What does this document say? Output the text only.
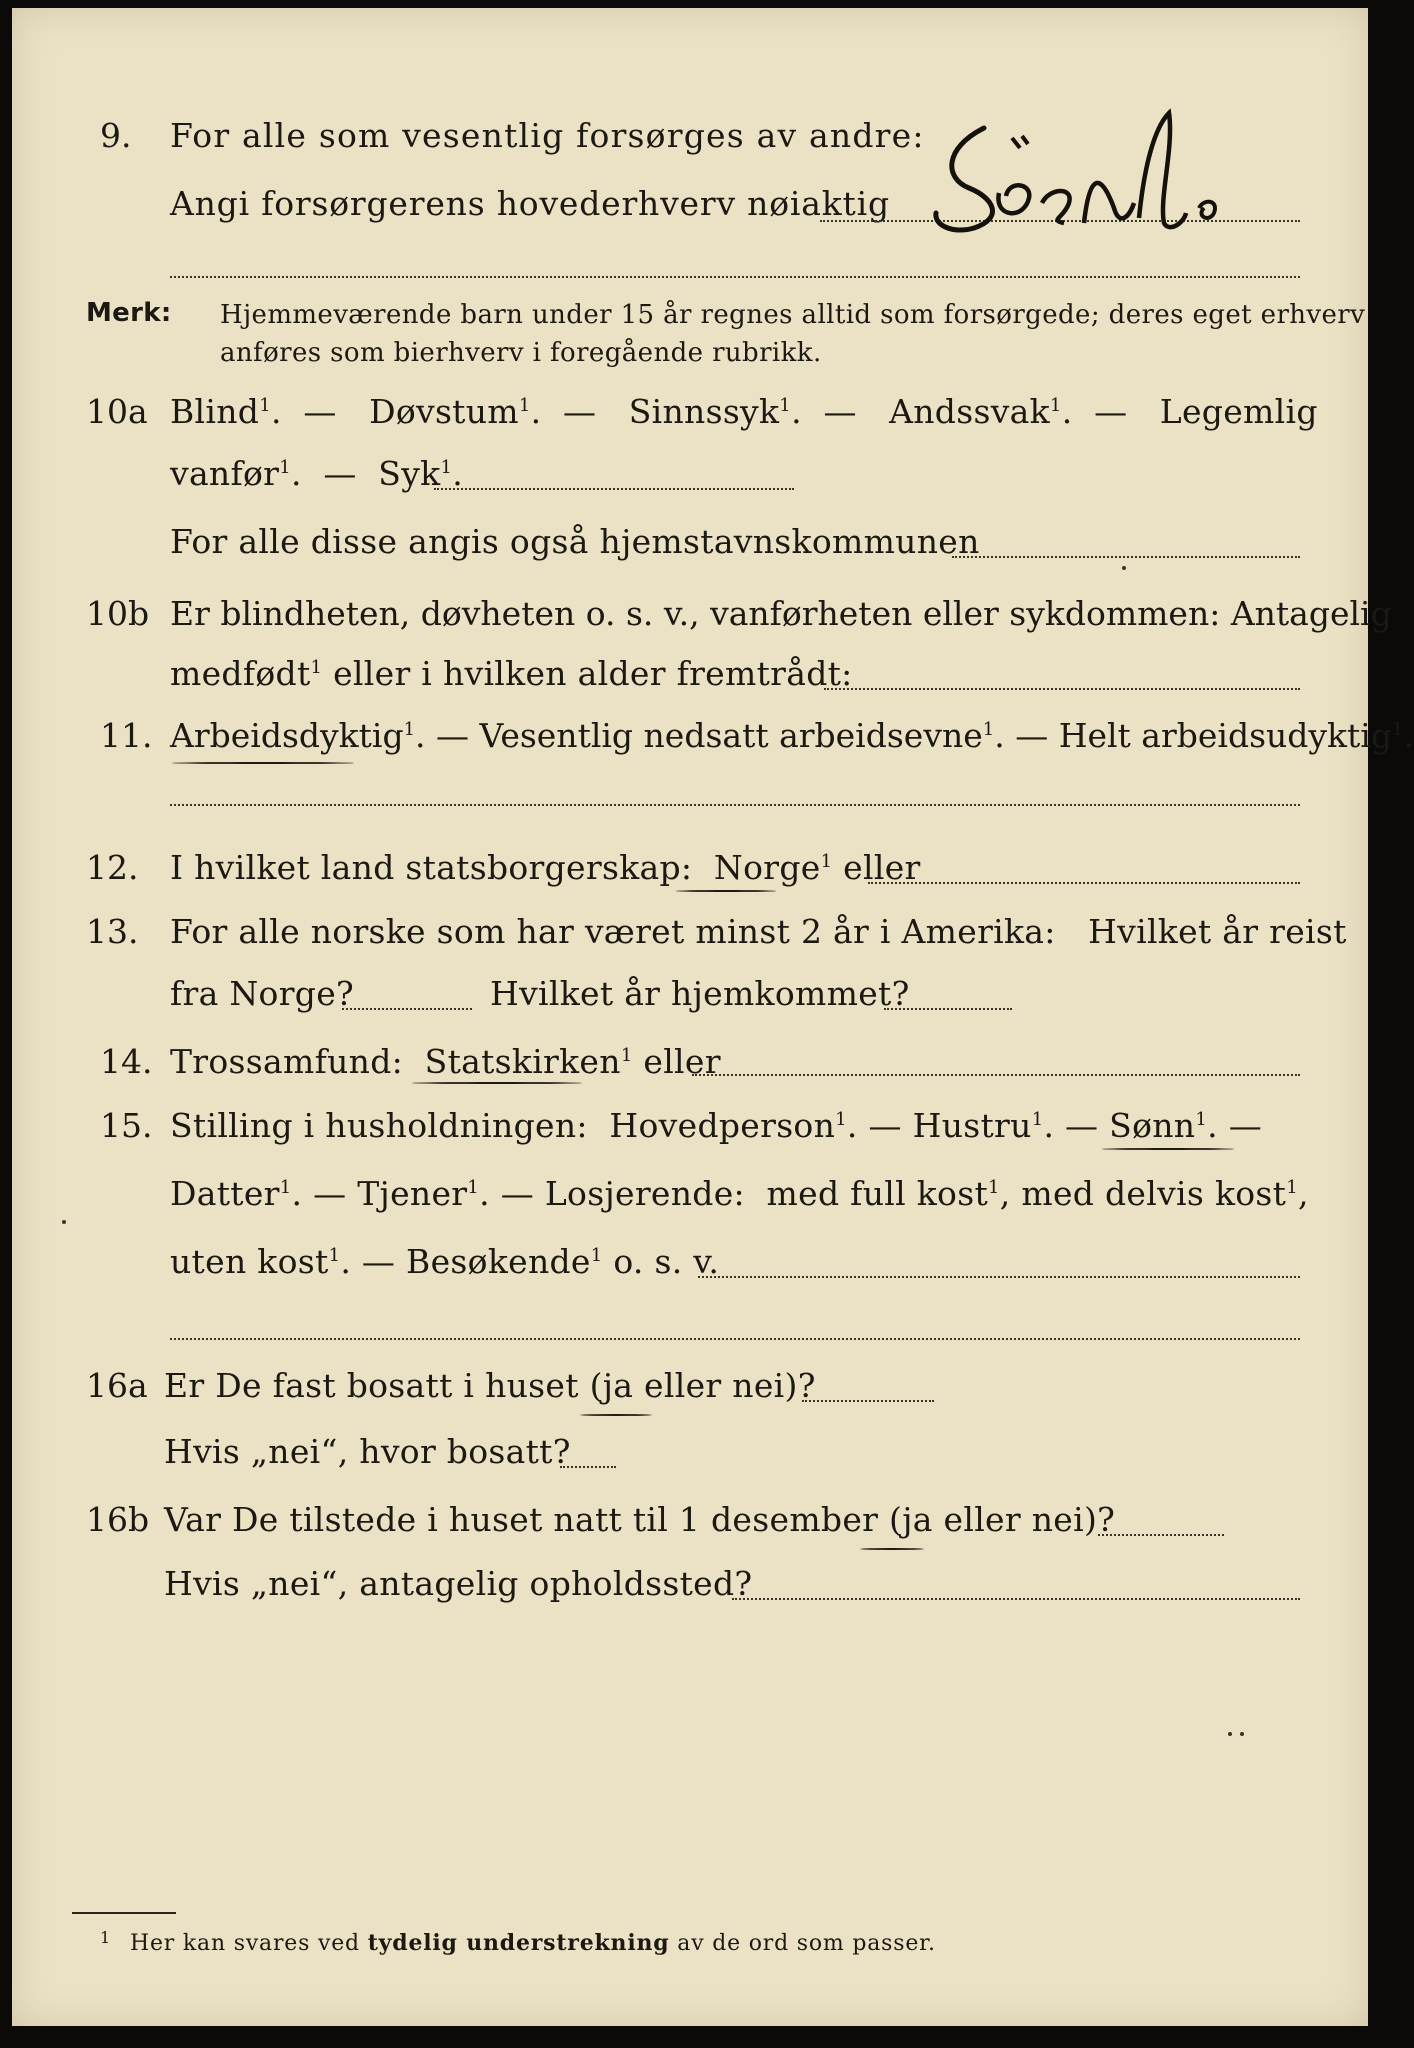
9. For alle som vesentlig forsørges av andre:
Angi forsørgerens hovederhverv nøiaktig
Løsarb.
Merk: Hjemmeværende barn under 15 år regnes alltid som forsørgede; deres eget erhverv
anføres som bierhverv i foregående rubrikk.
10a Blind$^1$.  — Døvstum$^1$.  — Sinnssyk$^1$.  — Andssvak$^1$.  — Legemlig
vanfør$^1$.  — Syk$^1$.
For alle disse angis også hjemstavnskommunen
10b Er blindheten, døvheten o. s. v., vanførheten eller sykdommen: Antagelig
medfødt$^1$ eller i hvilken alder fremtrådt:
11. Arbeidsdyktig$^1$. — Vesentlig nedsatt arbeidsevne$^1$. — Helt arbeidsudyktig$^1$.
12. I hvilket land statsborgerskap: Norge$^1$ eller
13. For alle norske som har været minst 2 år i Amerika: Hvilket år reist
fra Norge?	Hvilket år hjemkommet?
14. Trossamfund: Statskirken$^1$ eller
15. Stilling i husholdningen: Hovedperson$^1$. — Hustru$^1$. — Sønn$^1$. —
Datter$^1$. — Tjener$^1$. — Losjerende: med full kost$^1$, med delvis kost$^1$,
uten kost$^1$. — Besøkende$^1$ o. s. v.
16a Er De fast bosatt i huset (ja eller nei)?
Hvis „nei“, hvor bosatt?
16b Var De tilstede i huset natt til 1 desember (ja eller nei)?
Hvis „nei“, antagelig opholdssted?
1 Her kan svares ved tydelig understrekning av de ord som passer.
